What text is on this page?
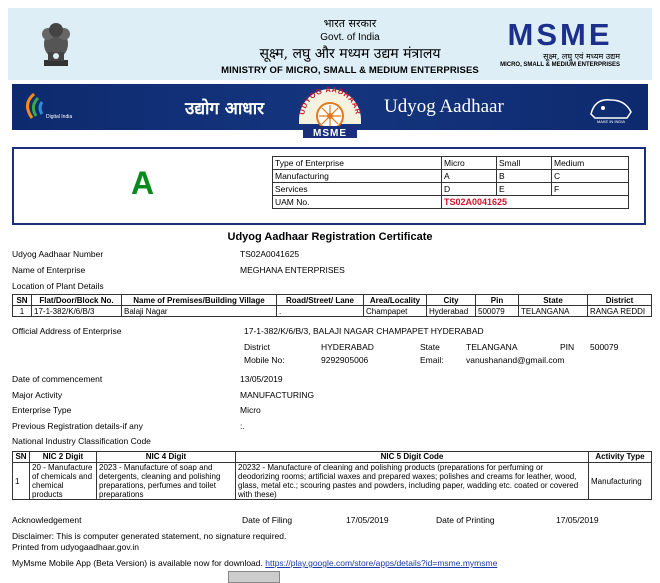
भारत सरकार
Govt. of India
सूक्ष्म, लघु और मध्यम उद्यम मंत्रालय
MINISTRY OF MICRO, SMALL & MEDIUM ENTERPRISES
MSME
सूक्ष्म, लघु एवं मध्यम उद्यम
MICRO, SMALL & MEDIUM ENTERPRISES
Digital India	उद्योग आधार	UDYOG AADHAAR
MSME
Udyog Aadhaar
MAKE IN INDIA
A
Type of Enterprise	Micro	Small	Medium
Manufacturing	A	B	C
Services	D	E	F
UAM No.	TS02A0041625		
Udyog Aadhaar Registration Certificate
Udyog Aadhaar Number	TS02A0041625
Name of Enterprise	MEGHANA ENTERPRISES
Location of Plant Details
SN	Flat/Door/Block No.	Name of Premises/Building Village	Road/Street/ Lane	Area/Locality	City	Pin	State	District
1	17-1-382/K/6/B/3	Balaji Nagar	.	Champapet	Hyderabad	500079	TELANGANA	RANGA REDDI
Official Address of Enterprise	17-1-382/K/6/B/3, BALAJI NAGAR CHAMPAPET HYDERABAD
District	HYDERABAD	State	TELANGANA	PIN 500079
Mobile No:	9292905006	Email:	vanushanand@gmail.com
Date of commencement	13/05/2019
Major Activity	MANUFACTURING
Enterprise Type	Micro
Previous Registration details-if any	:.
National Industry Classification Code
SN	NIC 2 Digit	NIC 4 Digit	NIC 5 Digit Code	Activity Type
1	20 - Manufacture of chemicals and chemical products	2023 - Manufacture of soap and detergents, cleaning and polishing preparations, perfumes and toilet preparations	20232 - Manufacture of cleaning and polishing products (preparations for perfuming or deodorizing rooms; artificial waxes and prepared waxes; polishes and creams for leather, wood, glass, metal etc.; scouring pastes and powders, including paper, wadding etc. coated or covered with these)	Manufacturing
Acknowledgement	Date of Filing	17/05/2019	Date of Printing	17/05/2019
Disclaimer: This is computer generated statement, no signature required.
Printed from udyogaadhaar.gov.in
MyMsme Mobile App (Beta Version) is available now for download. https://play.google.com/store/apps/details?id=msme.mymsme
